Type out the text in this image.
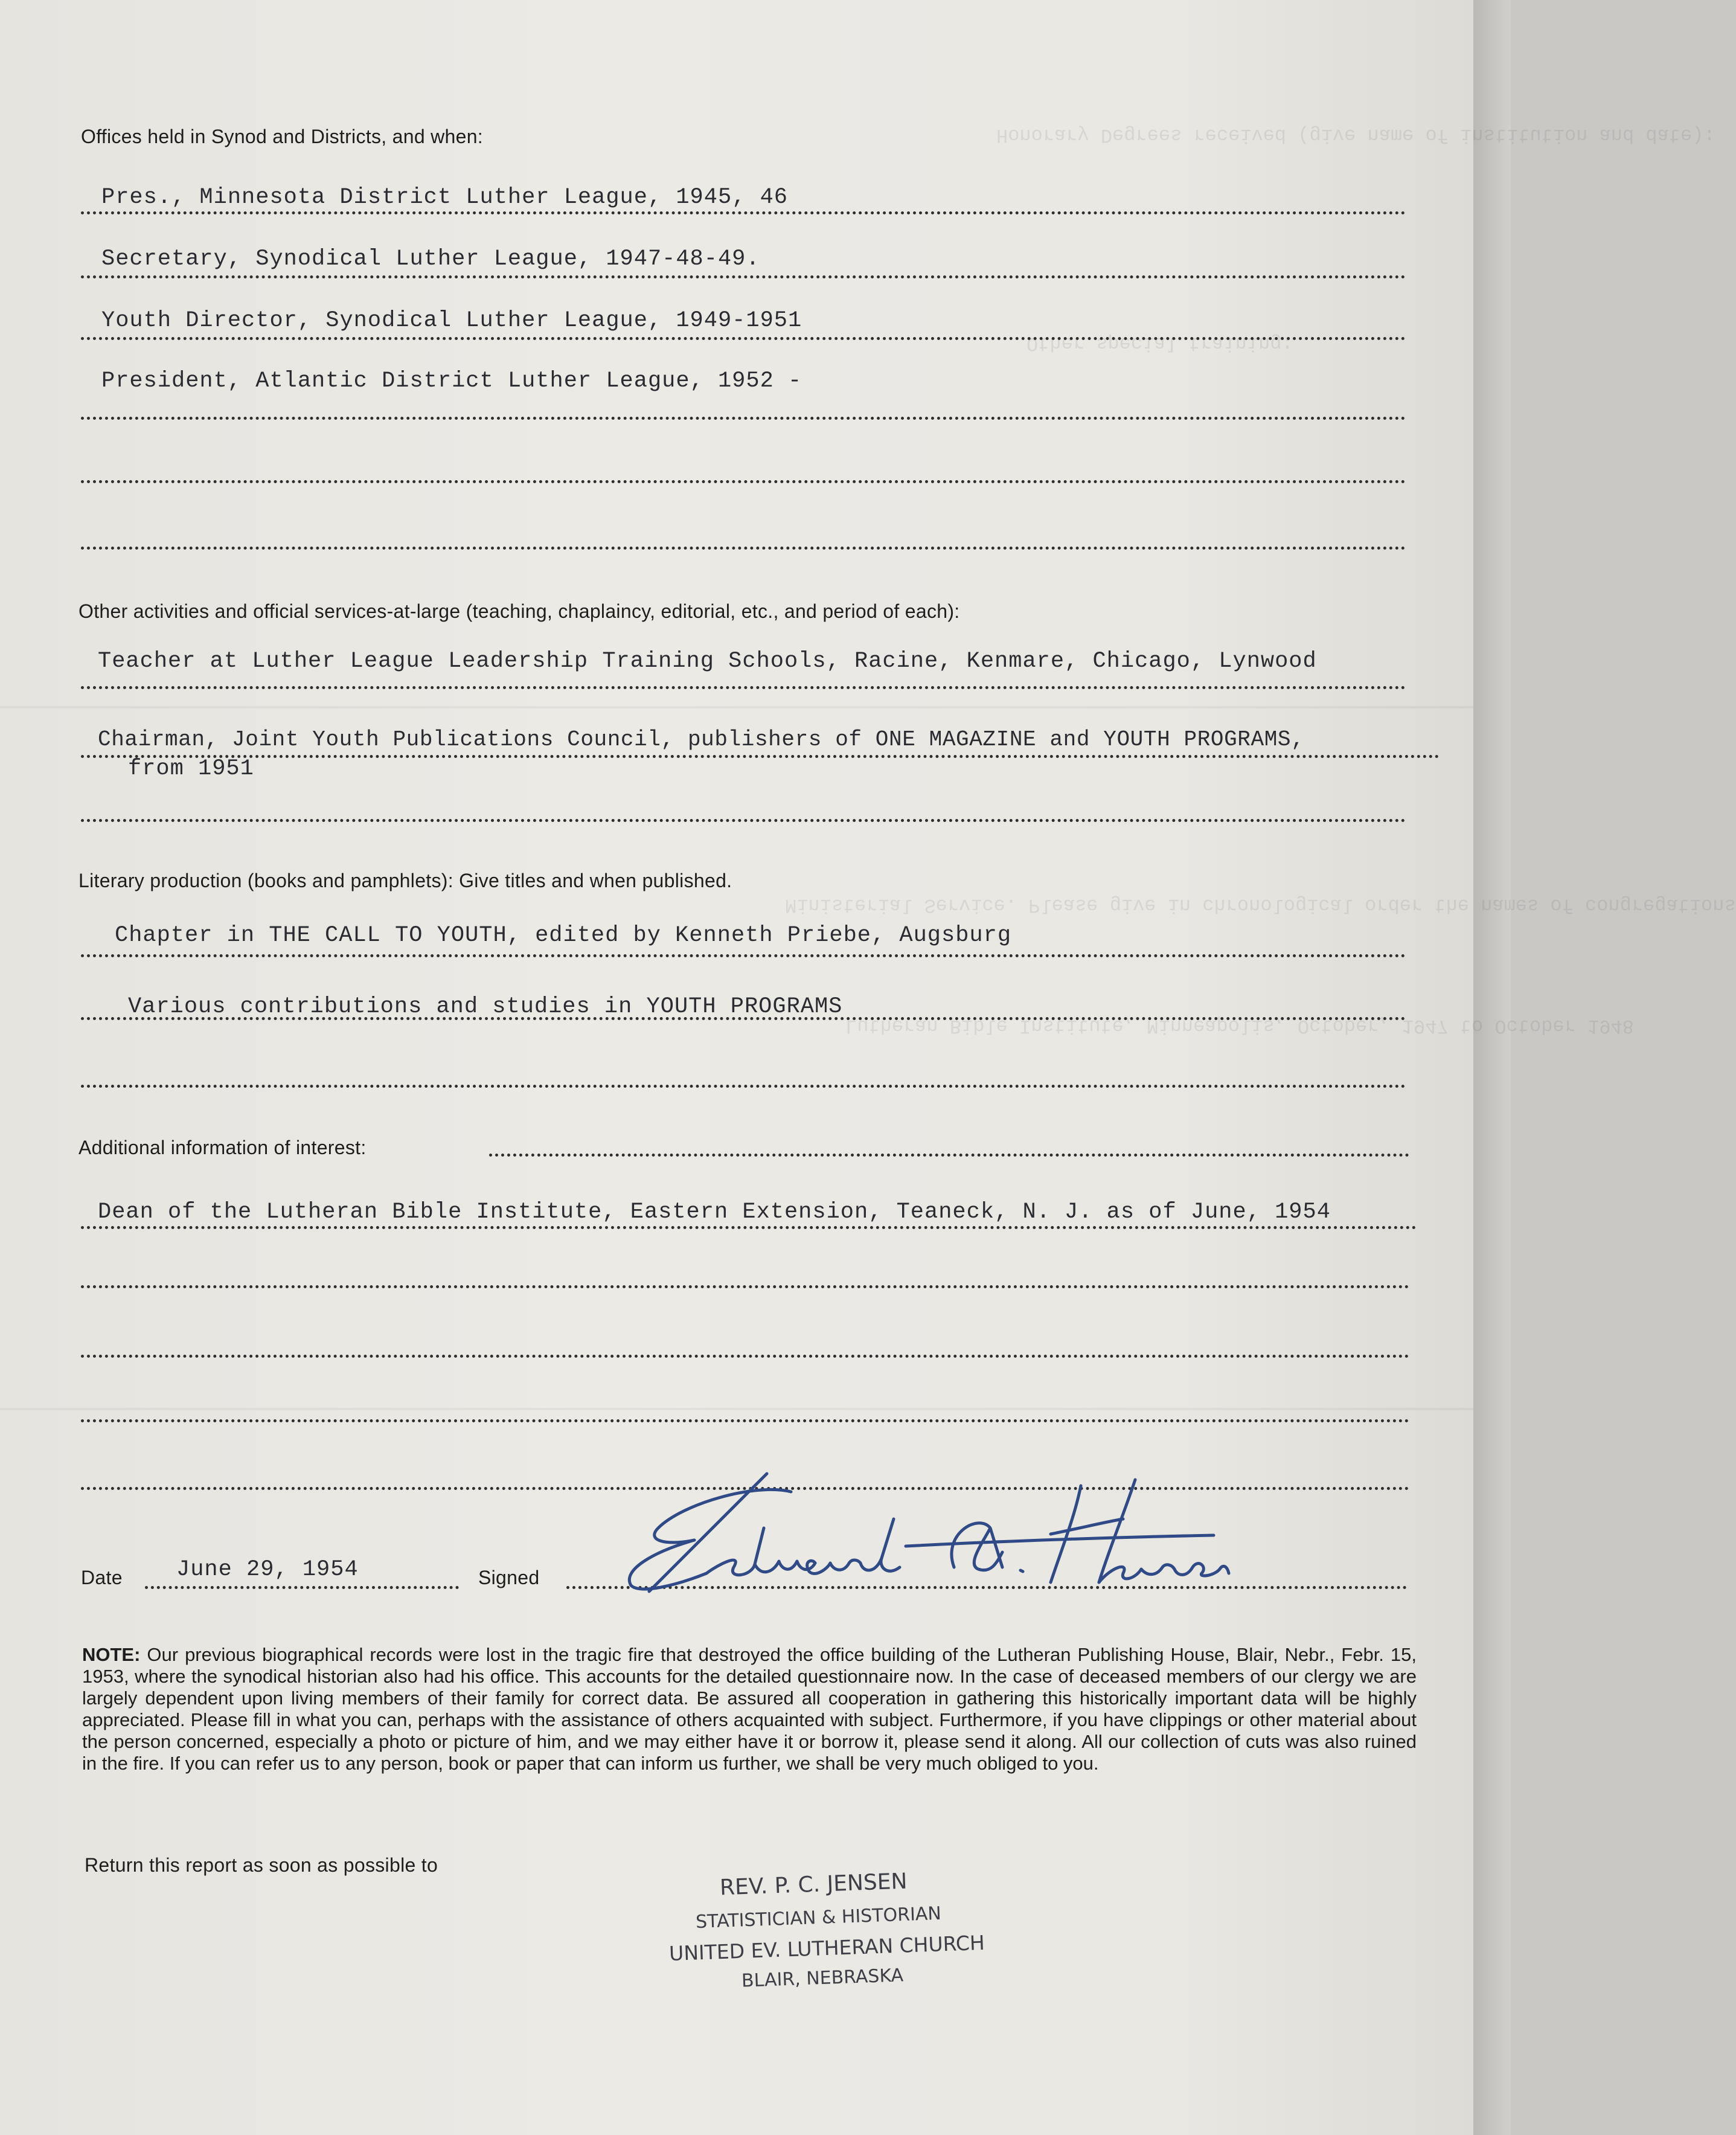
Honorary Degrees received (give name of institution and date):
Other special training:
Ministerial Service. Please give in chronological order the names of congregations
Lutheran Bible Institute, Minneapolis, October, 1947 to October 1948
Offices held in Synod and Districts, and when:
Pres., Minnesota District Luther League, 1945, 46
Secretary, Synodical Luther League, 1947-48-49.
Youth Director, Synodical Luther League, 1949-1951
President, Atlantic District Luther League, 1952 -
Other activities and official services-at-large (teaching, chaplaincy, editorial, etc., and period of each):
Teacher at Luther League Leadership Training Schools, Racine, Kenmare, Chicago, Lynwood
Chairman, Joint Youth Publications Council, publishers of ONE MAGAZINE and YOUTH PROGRAMS,
from 1951
Literary production (books and pamphlets): Give titles and when published.
Chapter in THE CALL TO YOUTH, edited by Kenneth Priebe, Augsburg
Various contributions and studies in YOUTH PROGRAMS
Additional information of interest:
Dean of the Lutheran Bible Institute, Eastern Extension, Teaneck, N. J. as of June, 1954
Date June 29, 1954	Signed
Edward A. Hansen
NOTE: Our previous biographical records were lost in the tragic fire that destroyed the office building of the Lutheran Publishing House, Blair, Nebr., Febr. 15, 1953, where the synodical historian also had his office. This accounts for the detailed questionnaire now. In the case of deceased members of our clergy we are largely dependent upon living members of their family for correct data. Be assured all cooperation in gathering this historically important data will be highly appreciated. Please fill in what you can, perhaps with the assistance of others acquainted with subject. Furthermore, if you have clippings or other material about the person concerned, especially a photo or picture of him, and we may either have it or borrow it, please send it along. All our collection of cuts was also ruined in the fire. If you can refer us to any person, book or paper that can inform us further, we shall be very much obliged to you.
Return this report as soon as possible to
REV. P. C. JENSEN
STATISTICIAN & HISTORIAN
UNITED EV. LUTHERAN CHURCH
BLAIR, NEBRASKA
